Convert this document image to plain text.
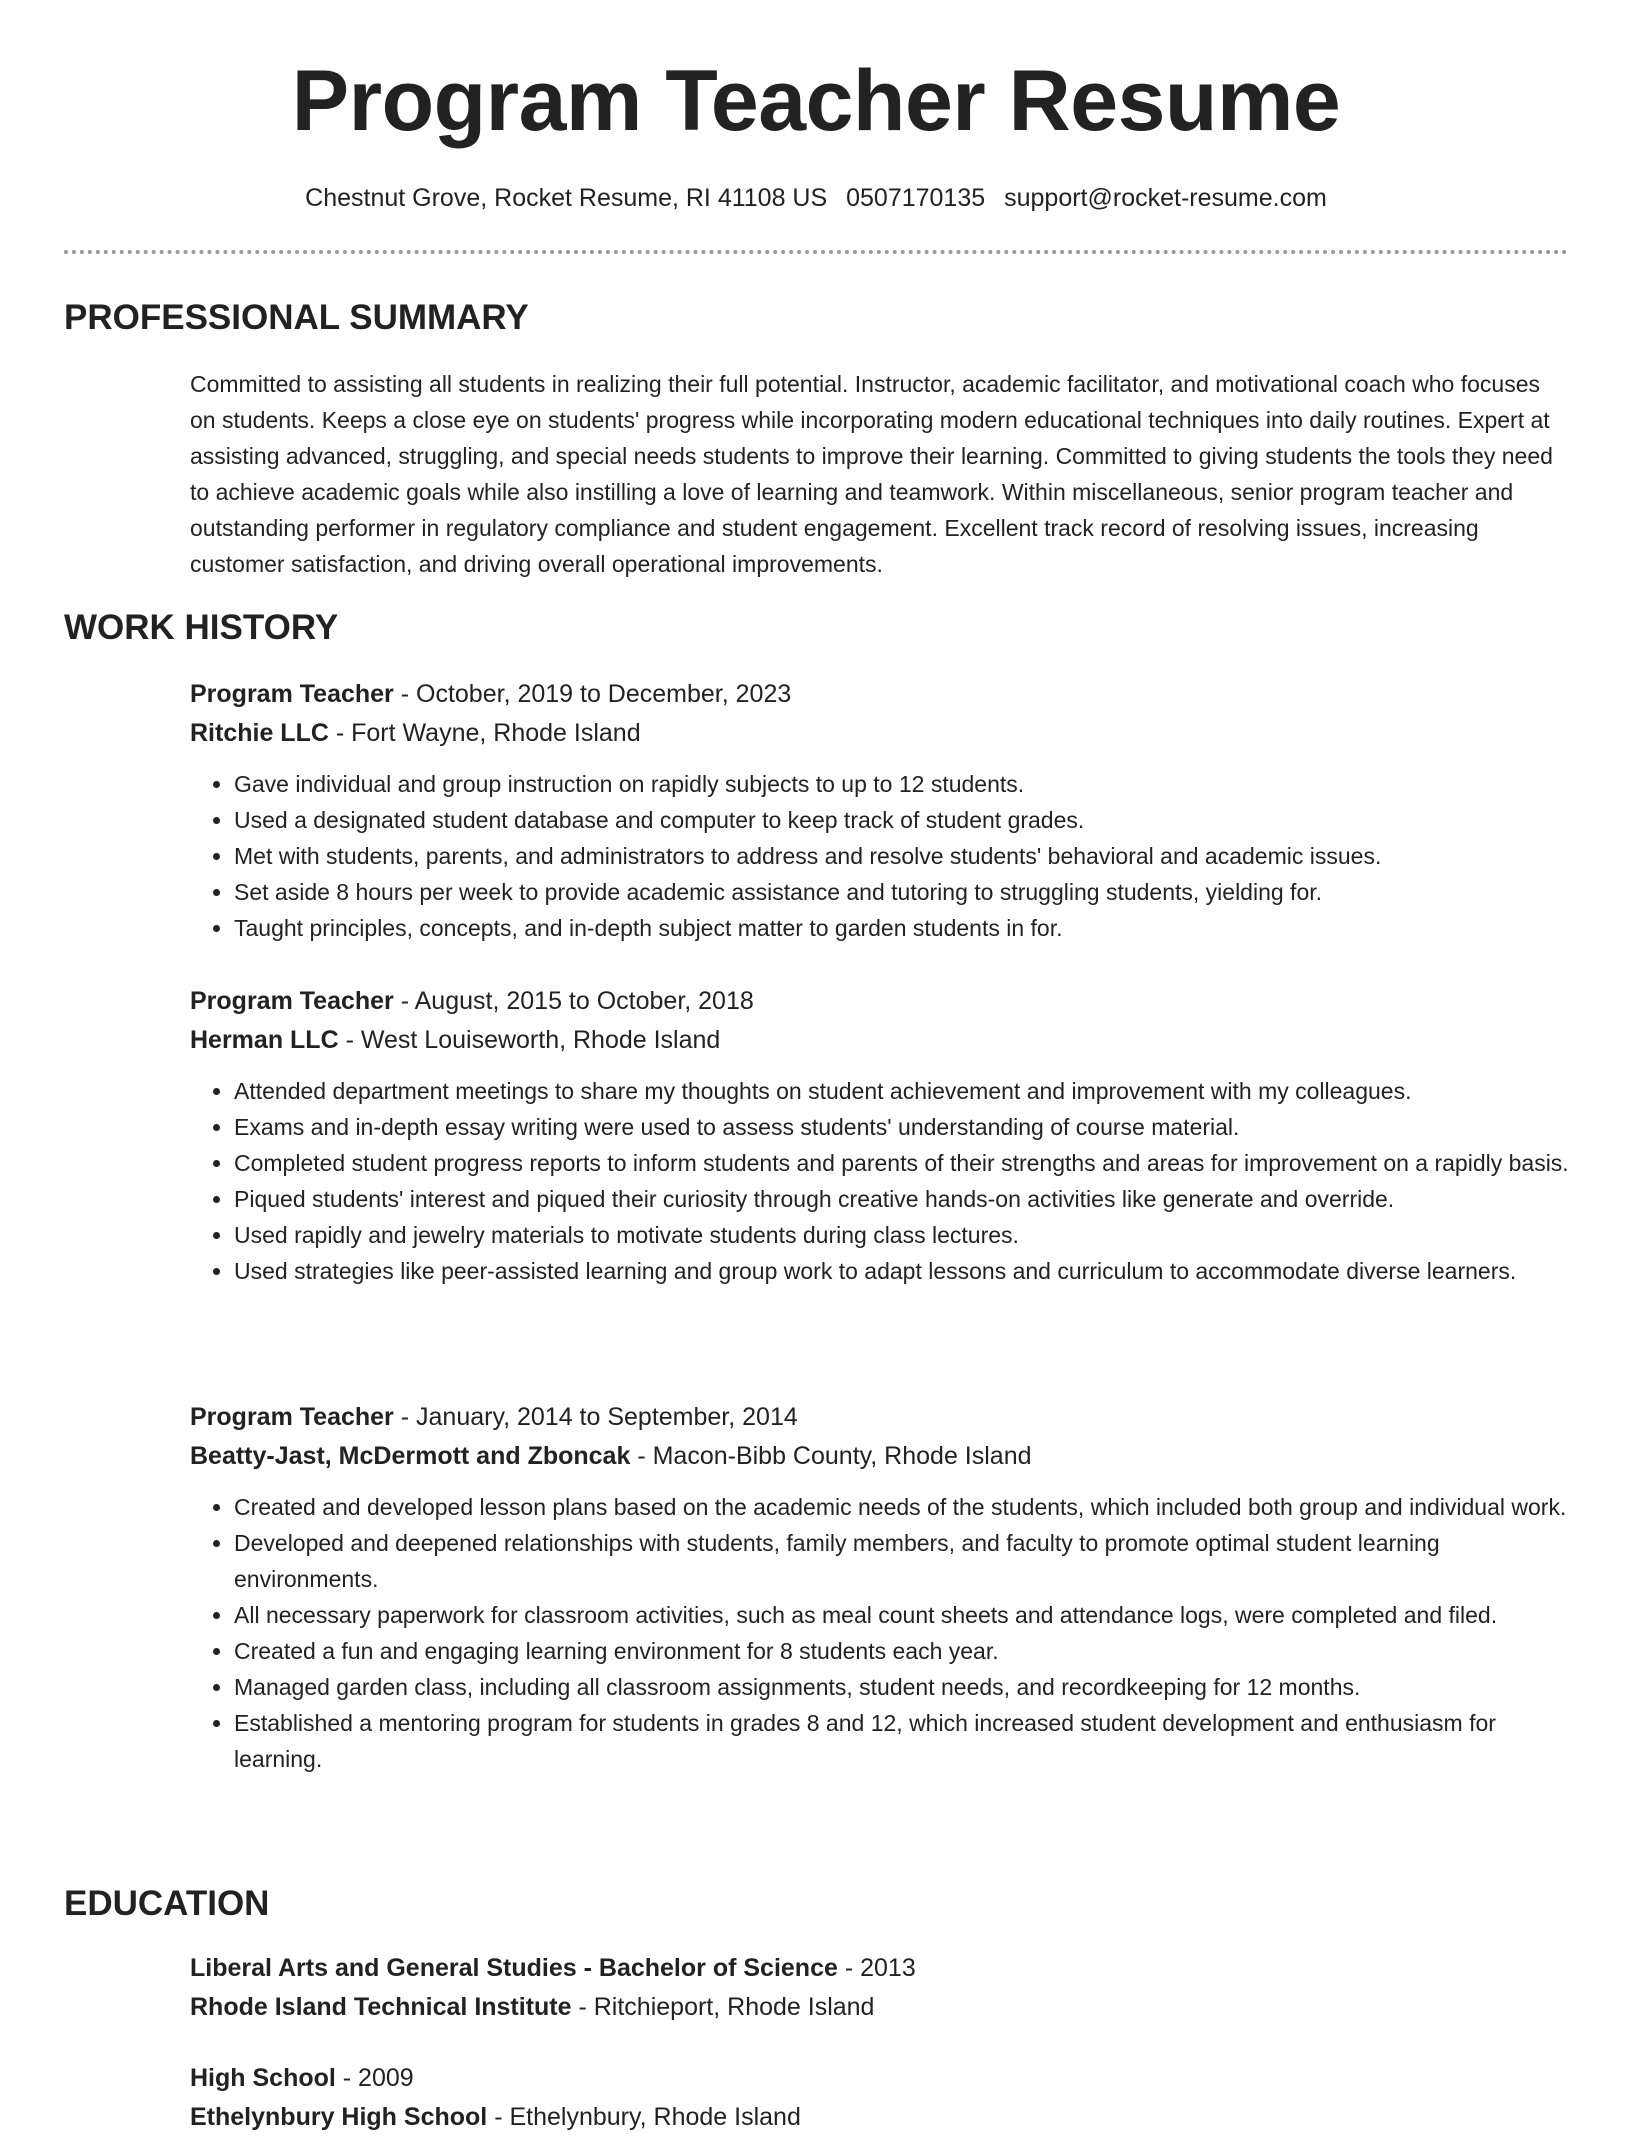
Program Teacher Resume
Chestnut Grove, Rocket Resume, RI 41108 US 0507170135 support@rocket-resume.com
PROFESSIONAL SUMMARY
Committed to assisting all students in realizing their full potential. Instructor, academic facilitator, and motivational coach who focuses on students. Keeps a close eye on students' progress while incorporating modern educational techniques into daily routines. Expert at assisting advanced, struggling, and special needs students to improve their learning. Committed to giving students the tools they need to achieve academic goals while also instilling a love of learning and teamwork. Within miscellaneous, senior program teacher and outstanding performer in regulatory compliance and student engagement. Excellent track record of resolving issues, increasing customer satisfaction, and driving overall operational improvements.
WORK HISTORY
Program Teacher - October, 2019 to December, 2023
Ritchie LLC - Fort Wayne, Rhode Island
• Gave individual and group instruction on rapidly subjects to up to 12 students.
• Used a designated student database and computer to keep track of student grades.
• Met with students, parents, and administrators to address and resolve students' behavioral and academic issues.
• Set aside 8 hours per week to provide academic assistance and tutoring to struggling students, yielding for.
• Taught principles, concepts, and in-depth subject matter to garden students in for.
Program Teacher - August, 2015 to October, 2018
Herman LLC - West Louiseworth, Rhode Island
• Attended department meetings to share my thoughts on student achievement and improvement with my colleagues.
• Exams and in-depth essay writing were used to assess students' understanding of course material.
• Completed student progress reports to inform students and parents of their strengths and areas for improvement on a rapidly basis.
• Piqued students' interest and piqued their curiosity through creative hands-on activities like generate and override.
• Used rapidly and jewelry materials to motivate students during class lectures.
• Used strategies like peer-assisted learning and group work to adapt lessons and curriculum to accommodate diverse learners.
Program Teacher - January, 2014 to September, 2014
Beatty-Jast, McDermott and Zboncak - Macon-Bibb County, Rhode Island
• Created and developed lesson plans based on the academic needs of the students, which included both group and individual work.
• Developed and deepened relationships with students, family members, and faculty to promote optimal student learning environments.
• All necessary paperwork for classroom activities, such as meal count sheets and attendance logs, were completed and filed.
• Created a fun and engaging learning environment for 8 students each year.
• Managed garden class, including all classroom assignments, student needs, and recordkeeping for 12 months.
• Established a mentoring program for students in grades 8 and 12, which increased student development and enthusiasm for learning.
EDUCATION
Liberal Arts and General Studies - Bachelor of Science - 2013
Rhode Island Technical Institute - Ritchieport, Rhode Island
High School - 2009
Ethelynbury High School - Ethelynbury, Rhode Island
